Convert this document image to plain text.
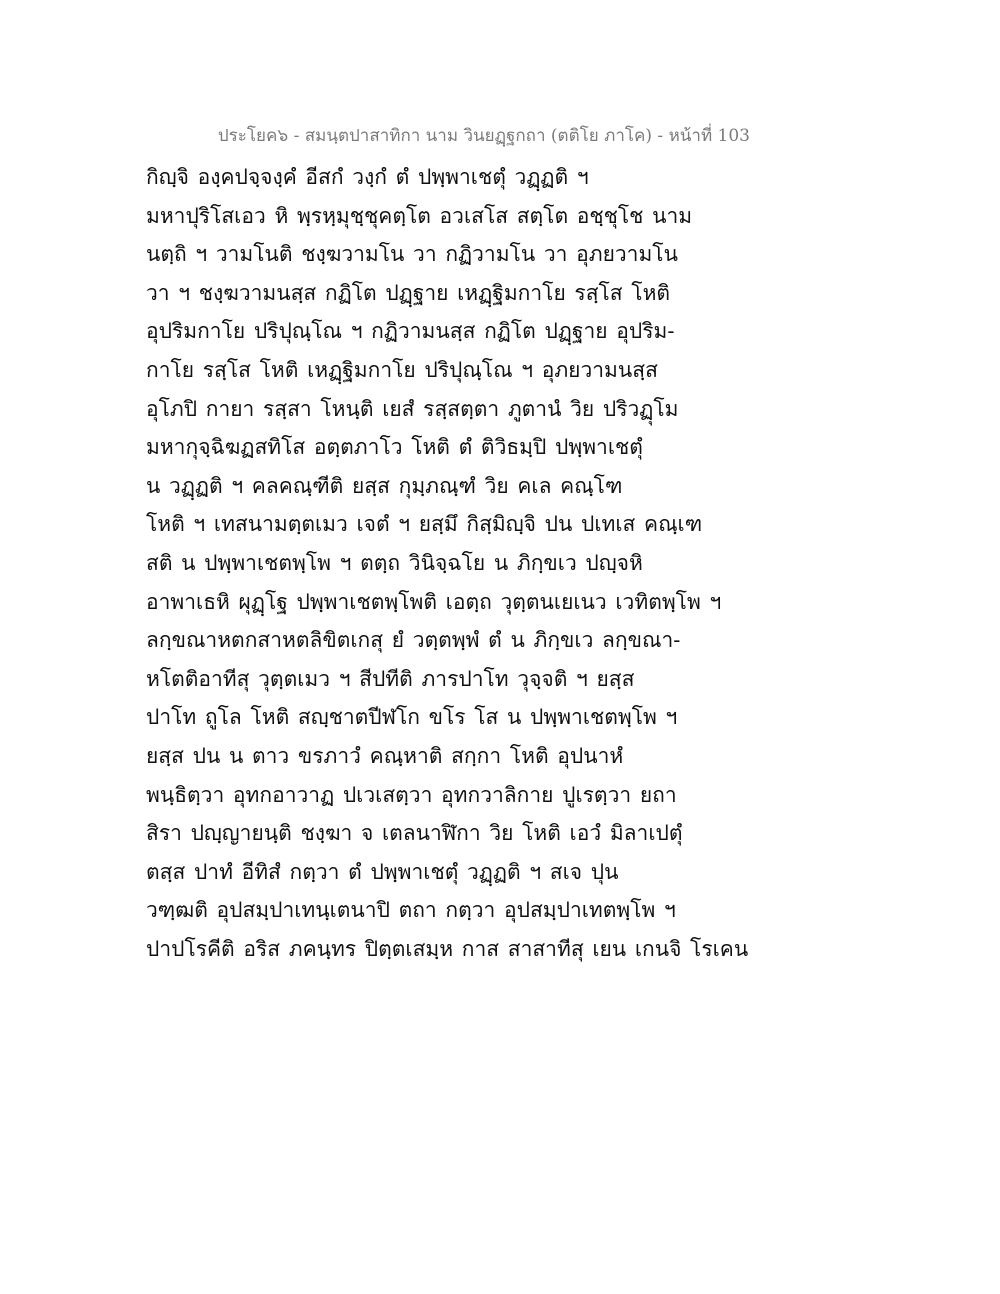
ประโยค๖ - สมนฺตปาสาทิกา นาม วินยฏฺฐกถา (ตติโย ภาโค) - หน้าที่ 103
กิญฺจิ องฺคปจฺจงฺคํ อีสกํ วงฺกํ ตํ ปพฺพาเชตุํ วฏฺฏติ ฯ
มหาปุริโสเอว หิ พฺรหฺมุชฺชุคตฺโต อวเสโส สตฺโต อชฺชุโช นาม
นตฺถิ ฯ วามโนติ ชงฺฆวามโน วา กฏิวามโน วา อุภยวามโน
วา ฯ ชงฺฆวามนสฺส กฏิโต ปฏฺฐาย เหฏฺฐิมกาโย รสฺโส โหติ
อุปริมกาโย ปริปุณฺโณ ฯ กฏิวามนสฺส กฏิโต ปฏฺฐาย อุปริม-
กาโย รสฺโส โหติ เหฏฺฐิมกาโย ปริปุณฺโณ ฯ อุภยวามนสฺส
อุโภปิ กายา รสฺสา โหนฺติ เยสํ รสฺสตฺตา ภูตานํ วิย ปริวฏุโม
มหากุจฺฉิฆฏสทิโส อตฺตภาโว โหติ ตํ ติวิธมฺปิ ปพฺพาเชตุํ
น วฏฺฏติ ฯ คลคณฺฑีติ ยสฺส กุมฺภณฺฑํ วิย คเล คณฺโฑ
โหติ ฯ เทสนามตฺตเมว เจตํ ฯ ยสฺมึ กิสฺมิญฺจิ ปน ปเทเส คณฺเฑ
สติ น ปพฺพาเชตพฺโพ ฯ ตตฺถ วินิจฺฉโย น ภิกฺขเว ปญฺจหิ
อาพาเธหิ ผุฏฺโฐ ปพฺพาเชตพฺโพติ เอตฺถ วุตฺตนเยเนว เวทิตพฺโพ ฯ
ลกฺขณาหตกสาหตลิขิตเกสุ ยํ วตฺตพฺพํ ตํ น ภิกฺขเว ลกฺขณา-
หโตติอาทีสุ วุตฺตเมว ฯ สีปทีติ ภารปาโท วุจฺจติ ฯ ยสฺส
ปาโท ถูโล โหติ สญฺชาตปีฬโก ขโร โส น ปพฺพาเชตพฺโพ ฯ
ยสฺส ปน น ตาว ขรภาวํ คณฺหาติ สกฺกา โหติ อุปนาหํ
พนฺธิตฺวา อุทกอาวาฏ ปเวเสตฺวา อุทกวาลิกาย ปูเรตฺวา ยถา
สิรา ปญฺญายนฺติ ชงฺฆา จ เตลนาฬิกา วิย โหติ เอวํ มิลาเปตุํ
ตสฺส ปาทํ อีทิสํ กตฺวา ตํ ปพฺพาเชตุํ วฏฺฏติ ฯ สเจ ปุน
วฑฺฒติ อุปสมฺปาเทนฺเตนาปิ ตถา กตฺวา อุปสมฺปาเทตพฺโพ ฯ
ปาปโรคีติ อริส ภคนฺทร ปิตฺตเสมฺห กาส สาสาทีสุ เยน เกนจิ โรเคน
